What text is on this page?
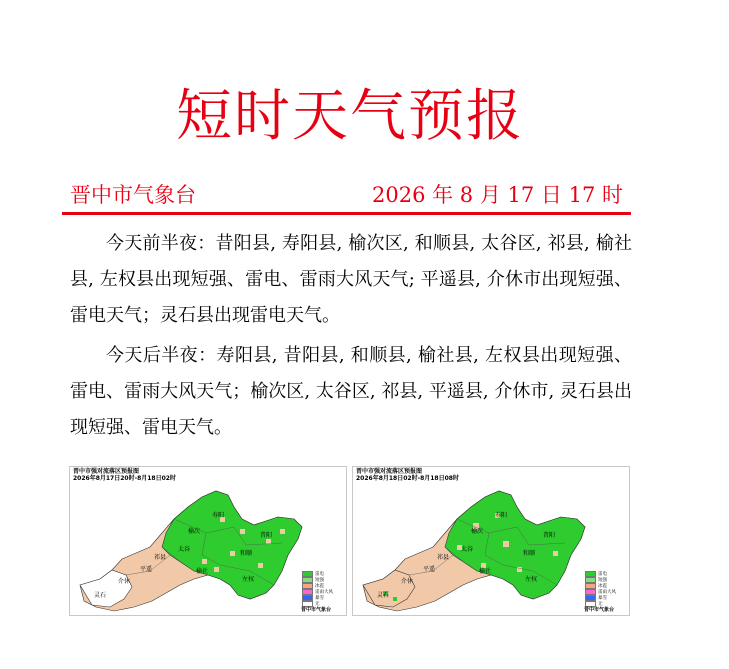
短时天气预报
晋中市气象台	2026 年 8 月 17 日 17 时

今天前半夜：昔阳县, 寿阳县, 榆次区, 和顺县, 太谷区, 祁县, 榆社县, 左权县出现短强、雷电、雷雨大风天气; 平遥县, 介休市出现短强、雷电天气；灵石县出现雷电天气。

今天后半夜：寿阳县, 昔阳县, 和顺县, 榆社县, 左权县出现短强、雷电、雷雨大风天气；榆次区, 太谷区, 祁县, 平遥县, 介休市, 灵石县出现短强、雷电天气。

晋中市强对流落区预报图
2026年8月17日20时-8月18日02时
寿阳
昔阳
榆次
太谷
和顺
祁县
平遥	榆社
左权
介休
灵石
雷电
短强
冰雹
雷雨大风
暴雪
无
晋中市气象台
晋中市强对流落区预报图
2026年8月18日02时-8月18日08时
寿阳
昔阳
榆次
太谷
和顺
祁县
平遥	榆社
左权
介休
灵石
雷电
短强
冰雹
雷雨大风
暴雪
无
晋中市气象台
